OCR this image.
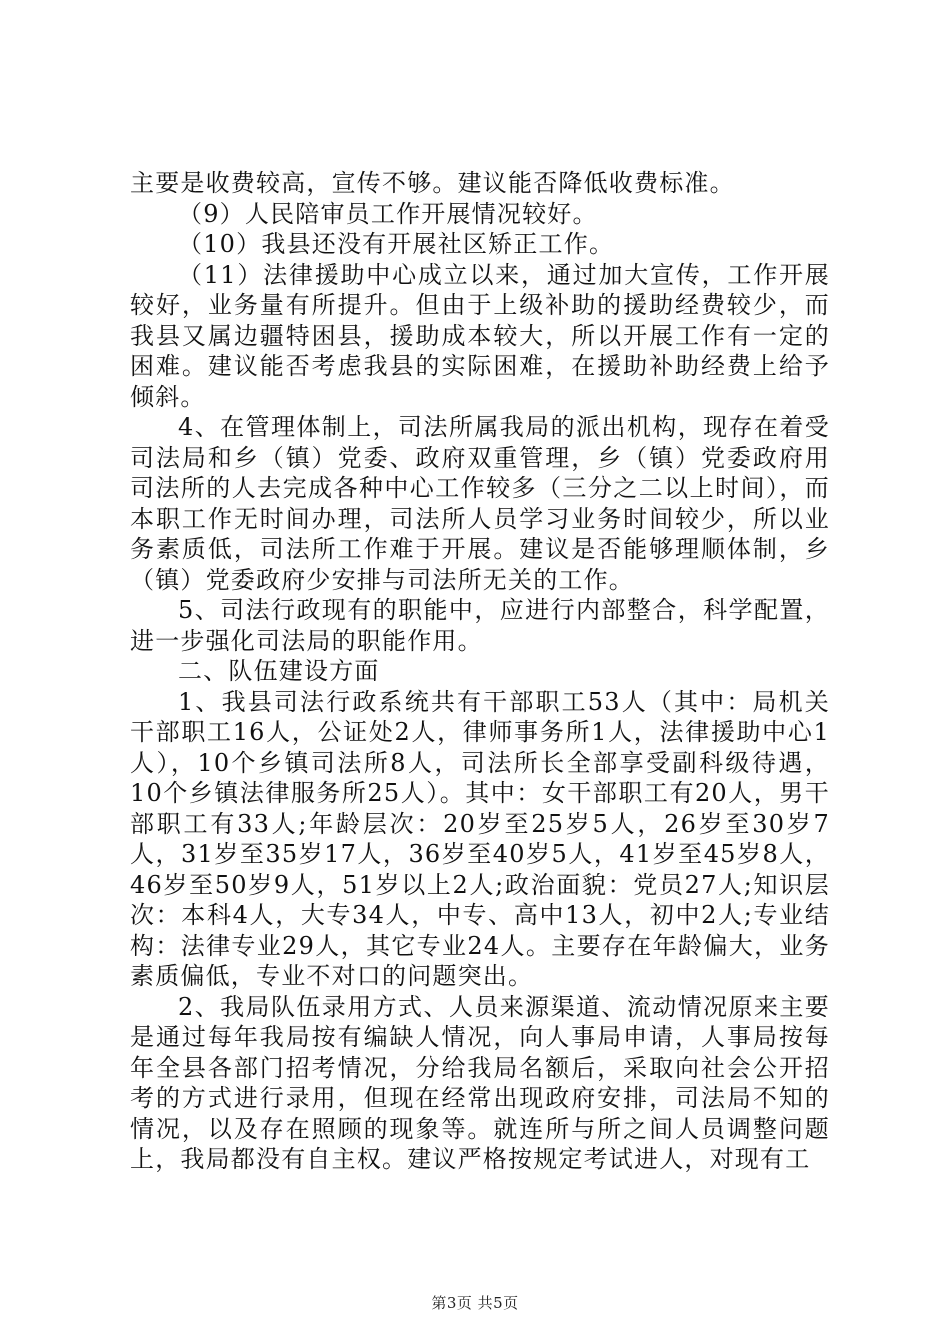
主要是收费较高，宣传不够。建议能否降低收费标准。

（9）人民陪审员工作开展情况较好。

（10）我县还没有开展社区矫正工作。

（11）法律援助中心成立以来，通过加大宣传，工作开展较好，业务量有所提升。但由于上级补助的援助经费较少，而我县又属边疆特困县，援助成本较大，所以开展工作有一定的困难。建议能否考虑我县的实际困难，在援助补助经费上给予倾斜。

4、在管理体制上，司法所属我局的派出机构，现存在着受司法局和乡（镇）党委、政府双重管理，乡（镇）党委政府用司法所的人去完成各种中心工作较多（三分之二以上时间），而本职工作无时间办理，司法所人员学习业务时间较少，所以业务素质低，司法所工作难于开展。建议是否能够理顺体制，乡（镇）党委政府少安排与司法所无关的工作。

5、司法行政现有的职能中，应进行内部整合，科学配置，进一步强化司法局的职能作用。

二、队伍建设方面

1、我县司法行政系统共有干部职工53人（其中：局机关干部职工16人，公证处2人，律师事务所1人，法律援助中心1人），10个乡镇司法所8人，司法所长全部享受副科级待遇，10个乡镇法律服务所25人）。其中：女干部职工有20人，男干部职工有33人;年龄层次：20岁至25岁5人，26岁至30岁7人，31岁至35岁17人，36岁至40岁5人，41岁至45岁8人，46岁至50岁9人，51岁以上2人;政治面貌：党员27人;知识层次：本科4人，大专34人，中专、高中13人，初中2人;专业结构：法律专业29人，其它专业24人。主要存在年龄偏大，业务素质偏低，专业不对口的问题突出。

2、我局队伍录用方式、人员来源渠道、流动情况原来主要是通过每年我局按有编缺人情况，向人事局申请，人事局按每年全县各部门招考情况，分给我局名额后，采取向社会公开招考的方式进行录用，但现在经常出现政府安排，司法局不知的情况，以及存在照顾的现象等。就连所与所之间人员调整问题上，我局都没有自主权。建议严格按规定考试进人，对现有工

第3页 共5页
